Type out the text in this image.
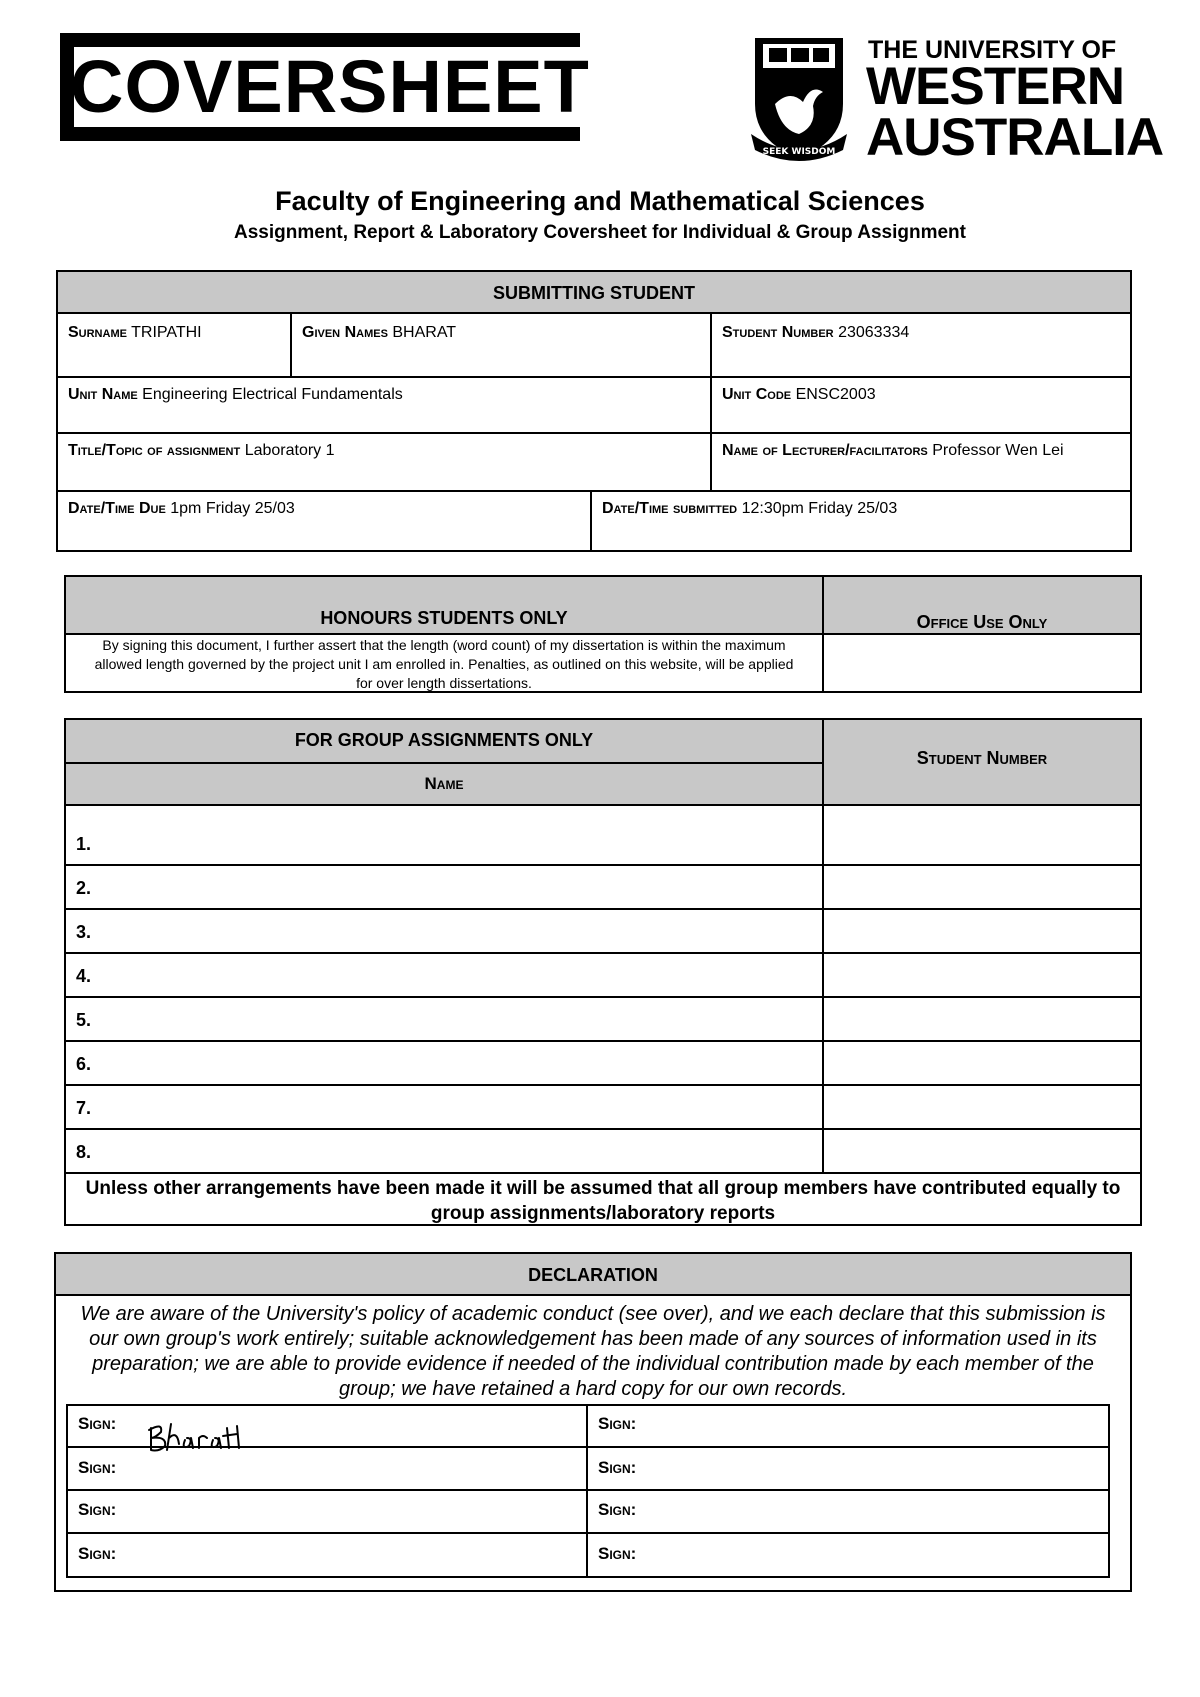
COVERSHEET
SEEK WISDOM
THE UNIVERSITY OF
WESTERN
AUSTRALIA
Faculty of Engineering and Mathematical Sciences
Assignment, Report & Laboratory Coversheet for Individual & Group Assignment
SUBMITTING STUDENT
Surname TRIPATHI	Given Names BHARAT	Student Number 23063334
Unit Name Engineering Electrical Fundamentals	Unit Code ENSC2003
Title/Topic of assignment Laboratory 1	Name of Lecturer/facilitators Professor Wen Lei
Date/Time Due 1pm Friday 25/03	Date/Time submitted 12:30pm Friday 25/03
HONOURS STUDENTS ONLY	Office Use Only
By signing this document, I further assert that the length (word count) of my dissertation is within the maximum allowed length governed by the project unit I am enrolled in. Penalties, as outlined on this website, will be applied for over length dissertations.
FOR GROUP ASSIGNMENTS ONLY
Name
Student Number
1.
2.
3.
4.
5.
6.
7.
8.
Unless other arrangements have been made it will be assumed that all group members have contributed equally to group assignments/laboratory reports
DECLARATION
We are aware of the University's policy of academic conduct (see over), and we each declare that this submission is our own group's work entirely; suitable acknowledgement has been made of any sources of information used in its preparation; we are able to provide evidence if needed of the individual contribution made by each member of the group; we have retained a hard copy for our own records.
Sign:	Sign:
Sign:	Sign:
Sign:	Sign:
Sign:	Sign:
